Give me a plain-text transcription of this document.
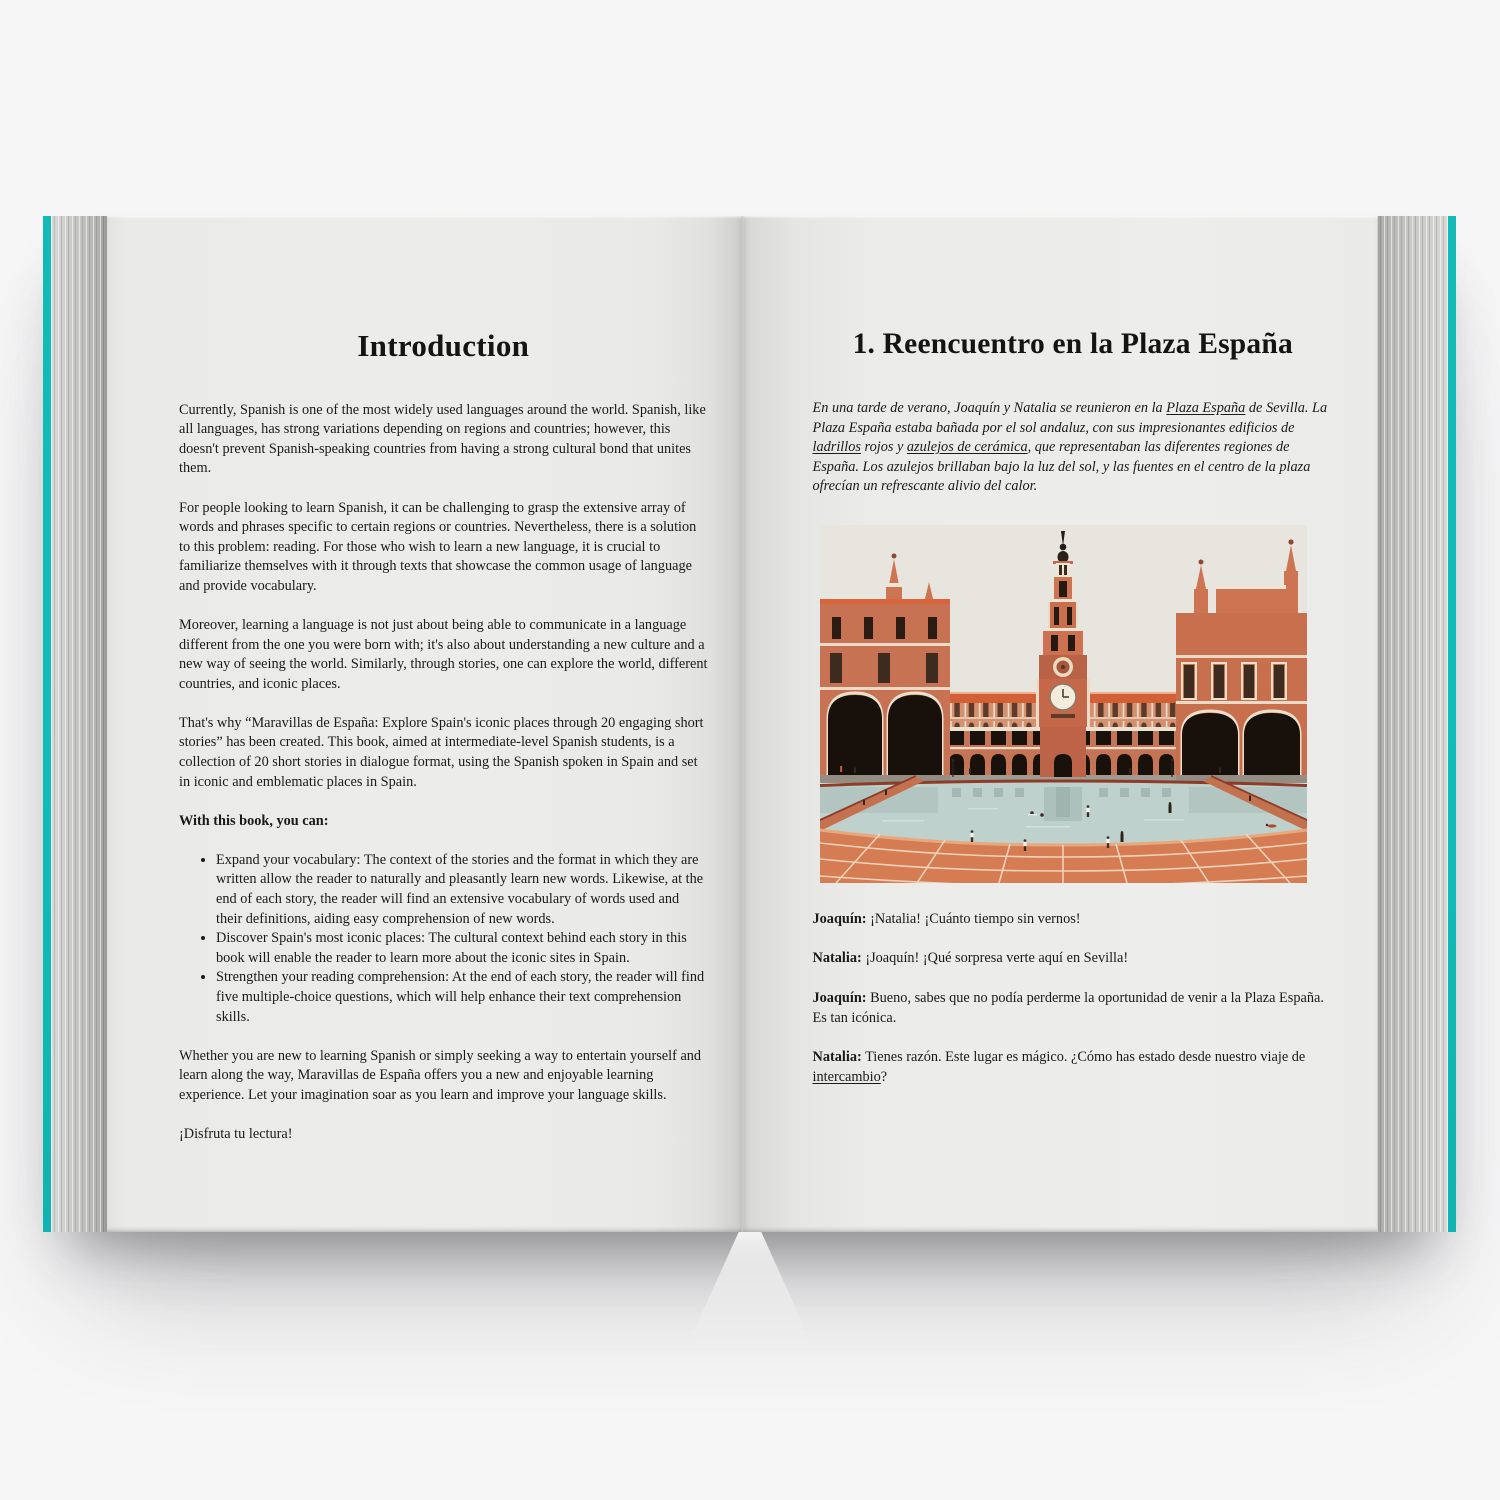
Introduction

Currently, Spanish is one of the most widely used languages around the world. Spanish, like all languages, has strong variations depending on regions and countries; however, this doesn't prevent Spanish-speaking countries from having a strong cultural bond that unites them.

For people looking to learn Spanish, it can be challenging to grasp the extensive array of words and phrases specific to certain regions or countries. Nevertheless, there is a solution to this problem: reading. For those who wish to learn a new language, it is crucial to familiarize themselves with it through texts that showcase the common usage of language and provide vocabulary.

Moreover, learning a language is not just about being able to communicate in a language different from the one you were born with; it's also about understanding a new culture and a new way of seeing the world. Similarly, through stories, one can explore the world, different countries, and iconic places.

That's why “Maravillas de España: Explore Spain's iconic places through 20 engaging short stories” has been created. This book, aimed at intermediate-level Spanish students, is a collection of 20 short stories in dialogue format, using the Spanish spoken in Spain and set in iconic and emblematic places in Spain.

With this book, you can:

• Expand your vocabulary: The context of the stories and the format in which they are written allow the reader to naturally and pleasantly learn new words. Likewise, at the end of each story, the reader will find an extensive vocabulary of words used and their definitions, aiding easy comprehension of new words.
• Discover Spain's most iconic places: The cultural context behind each story in this book will enable the reader to learn more about the iconic sites in Spain.
• Strengthen your reading comprehension: At the end of each story, the reader will find five multiple-choice questions, which will help enhance their text comprehension skills.

Whether you are new to learning Spanish or simply seeking a way to entertain yourself and learn along the way, Maravillas de España offers you a new and enjoyable learning experience. Let your imagination soar as you learn and improve your language skills.

¡Disfruta tu lectura!

1. Reencuentro en la Plaza España

En una tarde de verano, Joaquín y Natalia se reunieron en la Plaza España de Sevilla. La Plaza España estaba bañada por el sol andaluz, con sus impresionantes edificios de ladrillos rojos y azulejos de cerámica, que representaban las diferentes regiones de España. Los azulejos brillaban bajo la luz del sol, y las fuentes en el centro de la plaza ofrecían un refrescante alivio del calor.

Joaquín: ¡Natalia! ¡Cuánto tiempo sin vernos!

Natalia: ¡Joaquín! ¡Qué sorpresa verte aquí en Sevilla!

Joaquín: Bueno, sabes que no podía perderme la oportunidad de venir a la Plaza España. Es tan icónica.

Natalia: Tienes razón. Este lugar es mágico. ¿Cómo has estado desde nuestro viaje de intercambio?
